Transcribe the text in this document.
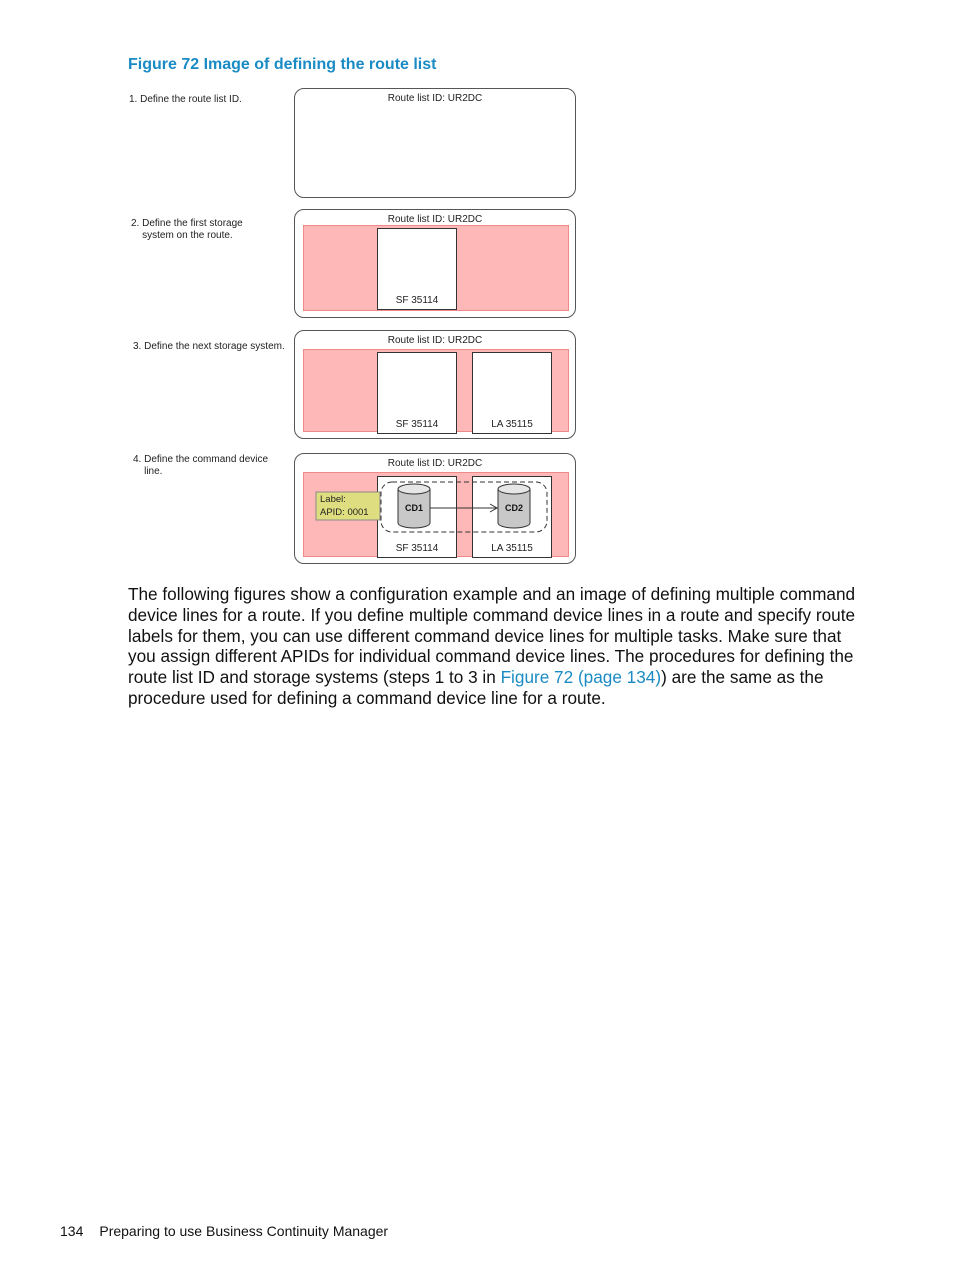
Figure 72 Image of defining the route list
1. Define the route list ID.	Route list ID: UR2DC
2. Define the first storage
system on the route.
Route list ID: UR2DC
SF 35114
3. Define the next storage system.
Route list ID: UR2DC
SF 35114	LA 35115
4. Define the command device
line.
Route list ID: UR2DC
SF 35114	LA 35115
Label:
APID: 0001	CD1	CD2
The following figures show a configuration example and an image of defining multiple command device lines for a route. If you define multiple command device lines in a route and specify route labels for them, you can use different command device lines for multiple tasks. Make sure that you assign different APIDs for individual command device lines. The procedures for defining the route list ID and storage systems (steps 1 to 3 in Figure 72 (page 134)) are the same as the procedure used for defining a command device line for a route.
134 Preparing to use Business Continuity Manager
